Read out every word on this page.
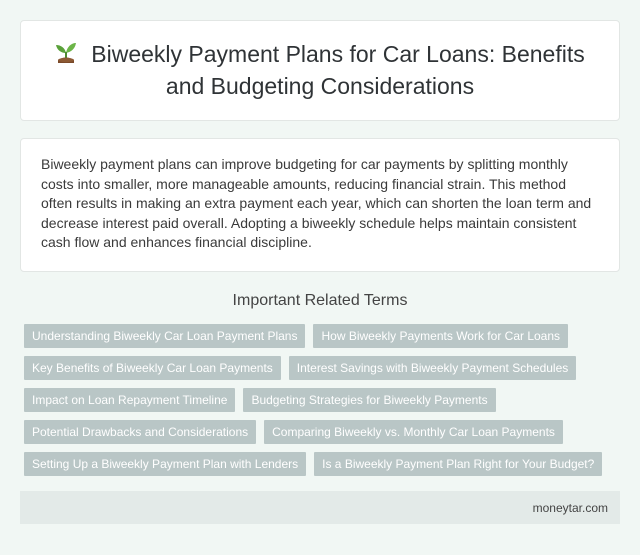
Biweekly Payment Plans for Car Loans: Benefits and Budgeting Considerations

Biweekly payment plans can improve budgeting for car payments by splitting monthly costs into smaller, more manageable amounts, reducing financial strain. This method often results in making an extra payment each year, which can shorten the loan term and decrease interest paid overall. Adopting a biweekly schedule helps maintain consistent cash flow and enhances financial discipline.

Important Related Terms
Understanding Biweekly Car Loan Payment Plans	How Biweekly Payments Work for Car Loans
Key Benefits of Biweekly Car Loan Payments	Interest Savings with Biweekly Payment Schedules
Impact on Loan Repayment Timeline	Budgeting Strategies for Biweekly Payments
Potential Drawbacks and Considerations	Comparing Biweekly vs. Monthly Car Loan Payments
Setting Up a Biweekly Payment Plan with Lenders	Is a Biweekly Payment Plan Right for Your Budget?
moneytar.com
